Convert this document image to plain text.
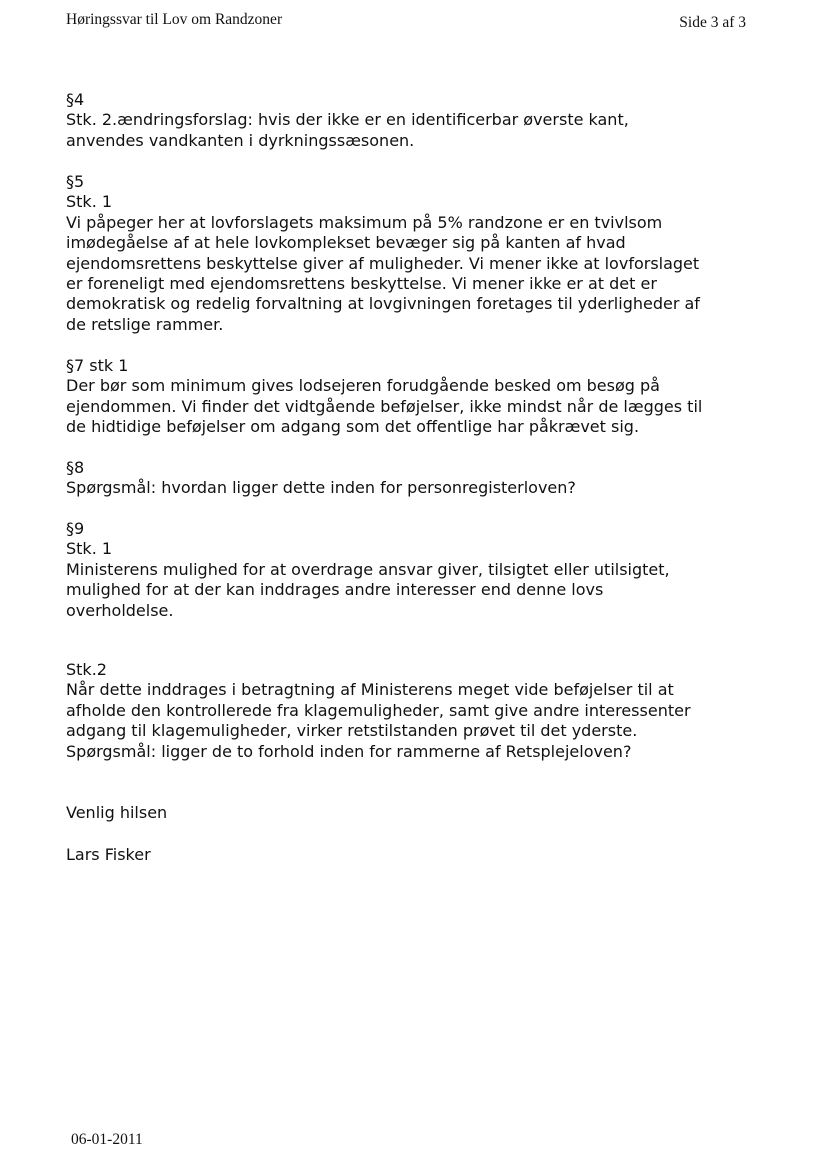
Høringssvar til Lov om Randzoner	Side 3 af 3

§4

Stk. 2.ændringsforslag: hvis der ikke er en identificerbar øverste kant,

anvendes vandkanten i dyrkningssæsonen.

§5

Stk. 1

Vi påpeger her at lovforslagets maksimum på 5% randzone er en tvivlsom

imødegåelse af at hele lovkomplekset bevæger sig på kanten af hvad

ejendomsrettens beskyttelse giver af muligheder. Vi mener ikke at lovforslaget

er foreneligt med ejendomsrettens beskyttelse. Vi mener ikke er at det er

demokratisk og redelig forvaltning at lovgivningen foretages til yderligheder af

de retslige rammer.

§7 stk 1

Der bør som minimum gives lodsejeren forudgående besked om besøg på

ejendommen. Vi finder det vidtgående beføjelser, ikke mindst når de lægges til

de hidtidige beføjelser om adgang som det offentlige har påkrævet sig.

§8

Spørgsmål: hvordan ligger dette inden for personregisterloven?

§9

Stk. 1

Ministerens mulighed for at overdrage ansvar giver, tilsigtet eller utilsigtet,

mulighed for at der kan inddrages andre interesser end denne lovs

overholdelse.

Stk.2

Når dette inddrages i betragtning af Ministerens meget vide beføjelser til at

afholde den kontrollerede fra klagemuligheder, samt give andre interessenter

adgang til klagemuligheder, virker retstilstanden prøvet til det yderste.

Spørgsmål: ligger de to forhold inden for rammerne af Retsplejeloven?

Venlig hilsen
Lars Fisker
06-01-2011
